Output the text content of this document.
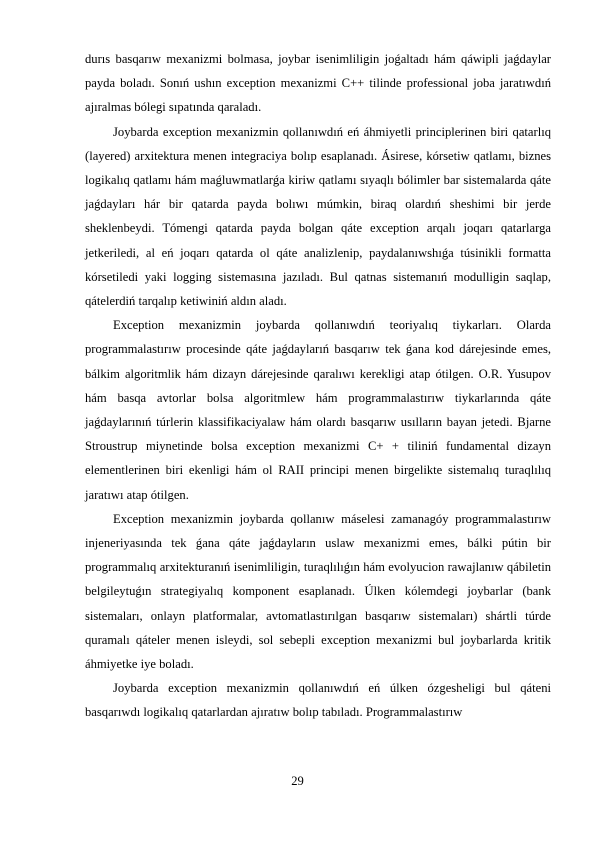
durıs basqarıw mexanizmi bolmasa, joybar isenimliligin joǵaltadı hám qáwipli jaǵdaylar payda boladı. Sonıń ushın exception mexanizmi C++ tilinde professional joba jaratıwdıń ajıralmas bólegi sıpatında qaraladı.

Joybarda exception mexanizmin qollanıwdıń eń áhmiyetli principlerinen biri qatarlıq (layered) arxitektura menen integraciya bolıp esaplanadı. Ásirese, kórsetiw qatlamı, biznes logikalıq qatlamı hám maǵluwmatlarǵa kiriw qatlamı sıyaqlı bólimler bar sistemalarda qáte jaǵdayları hár bir qatarda payda bolıwı múmkin, biraq olardıń sheshimi bir jerde sheklenbeydi. Tómengi qatarda payda bolgan qáte exception arqalı joqarı qatarlarga jetkeriledi, al eń joqarı qatarda ol qáte analizlenip, paydalanıwshıǵa túsinikli formatta kórsetiledi yaki logging sistemasına jazıladı. Bul qatnas sistemanıń modulligin saqlap, qátelerdiń tarqalıp ketiwiniń aldın aladı.

Exception mexanizmin joybarda qollanıwdıń teoriyalıq tiykarları. Olarda programmalastırıw procesinde qáte jaǵdaylarıń basqarıw tek ǵana kod dárejesinde emes, bálkim algoritmlik hám dizayn dárejesinde qaralıwı kerekligi atap ótilgen. O.R. Yusupov hám basqa avtorlar bolsa algoritmlew hám programmalastırıw tiykarlarında qáte jaǵdaylarınıń túrlerin klassifikaciyalaw hám olardı basqarıw usılların bayan jetedi. Bjarne Stroustrup miynetinde bolsa exception mexanizmi C+ + tiliniń fundamental dizayn elementlerinen biri ekenligi hám ol RAII principi menen birgelikte sistemalıq turaqlılıq jaratıwı atap ótilgen.

Exception mexanizmin joybarda qollanıw máselesi zamanagóy programmalastırıw injeneriyasında tek ǵana qáte jaǵdayların uslaw mexanizmi emes, bálki pútin bir programmalıq arxitekturanıń isenimliligin, turaqlılıǵın hám evolyucion rawajlanıw qábiletin belgileytuǵın strategiyalıq komponent esaplanadı. Úlken kólemdegi joybarlar (bank sistemaları, onlayn platformalar, avtomatlastırılgan basqarıw sistemaları) shártli túrde quramalı qáteler menen isleydi, sol sebepli exception mexanizmi bul joybarlarda kritik áhmiyetke iye boladı.

Joybarda exception mexanizmin qollanıwdıń eń úlken ózgesheligi bul qáteni basqarıwdı logikalıq qatarlardan ajıratıw bolıp tabıladı. Programmalastırıw

29
